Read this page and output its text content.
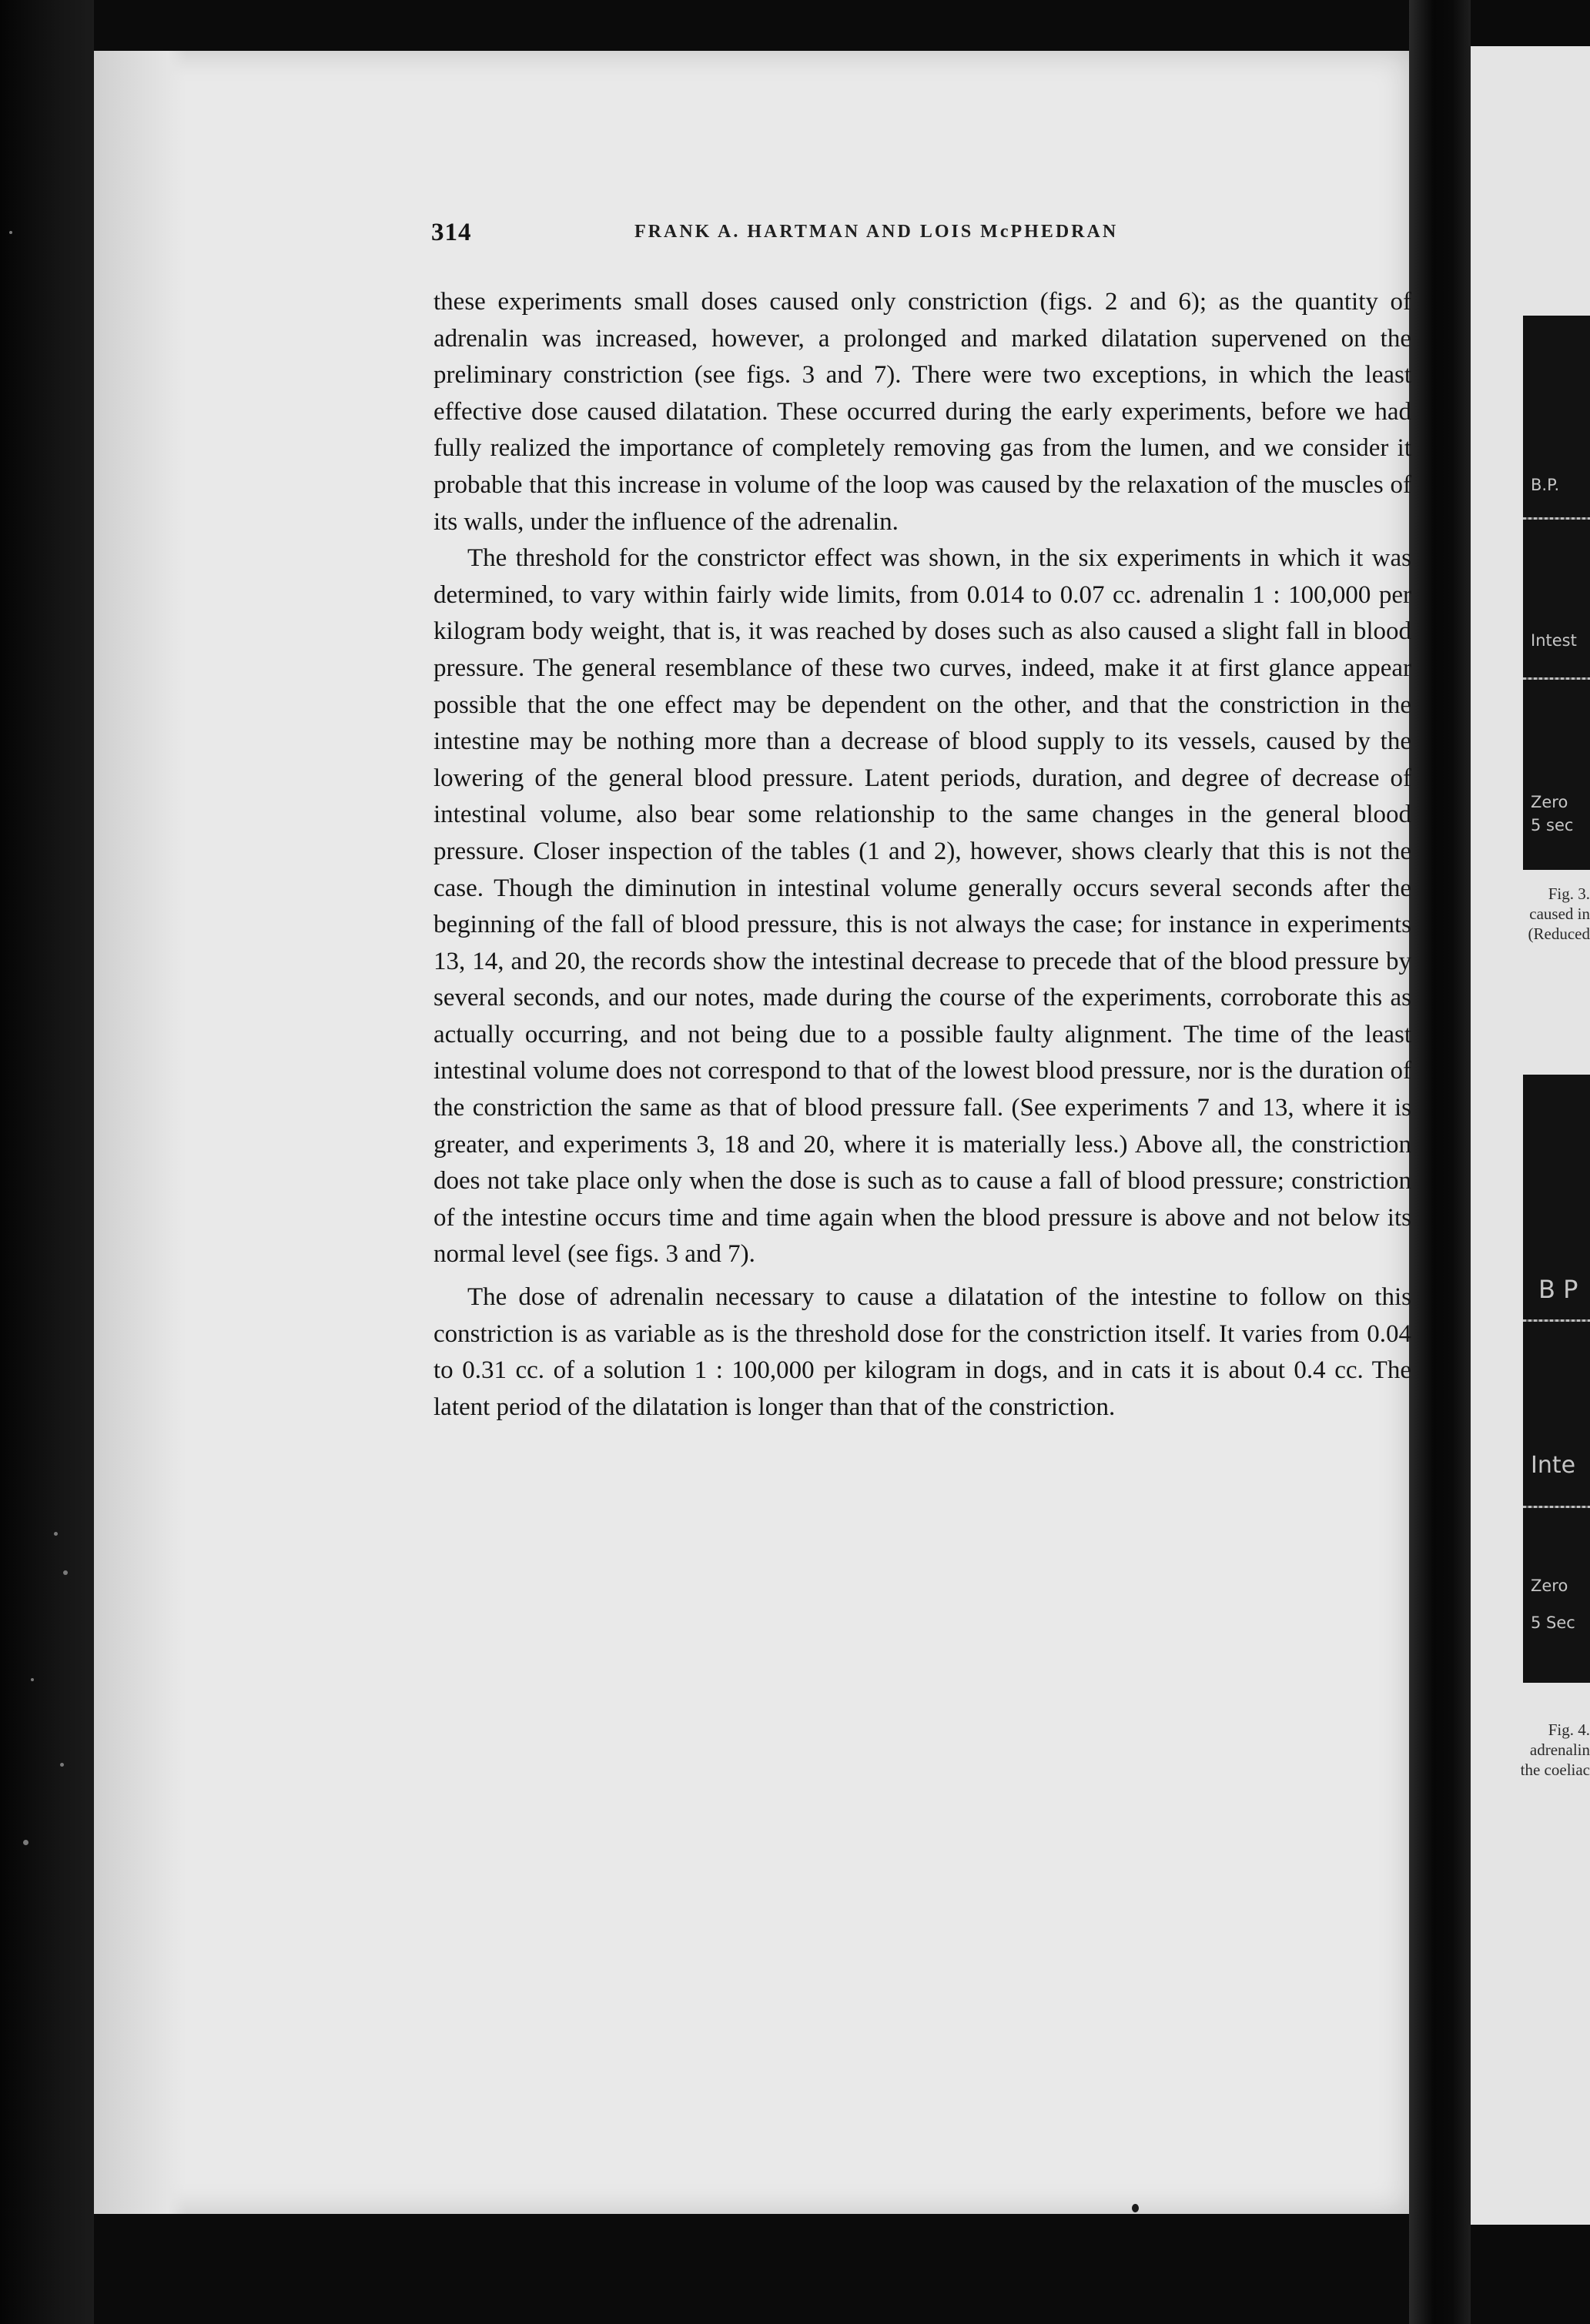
B.P.
Intest
Zero
5 sec
Fig. 3.
caused in
(Reduced
B P
Inte
Zero
5 Sec
Fig. 4.
adrenalin
the coeliac
314	FRANK A. HARTMAN AND LOIS McPHEDRAN

these experiments small doses caused only constriction (figs. 2 and 6); as the quantity of adrenalin was increased, however, a prolonged and marked dilatation supervened on the preliminary constriction (see figs. 3 and 7). There were two exceptions, in which the least effective dose caused dilatation. These occurred during the early experiments, before we had fully realized the importance of completely removing gas from the lumen, and we consider it probable that this increase in volume of the loop was caused by the relaxation of the muscles of its walls, under the influence of the adrenalin.

The threshold for the constrictor effect was shown, in the six experiments in which it was determined, to vary within fairly wide limits, from 0.014 to 0.07 cc. adrenalin 1 : 100,000 per kilogram body weight, that is, it was reached by doses such as also caused a slight fall in blood pressure. The general resemblance of these two curves, indeed, make it at first glance appear possible that the one effect may be dependent on the other, and that the constriction in the intestine may be nothing more than a decrease of blood supply to its vessels, caused by the lowering of the general blood pressure. Latent periods, duration, and degree of decrease of intestinal volume, also bear some relationship to the same changes in the general blood pressure. Closer inspection of the tables (1 and 2), however, shows clearly that this is not the case. Though the diminution in intestinal volume generally occurs several seconds after the beginning of the fall of blood pressure, this is not always the case; for instance in experiments 13, 14, and 20, the records show the intestinal decrease to precede that of the blood pressure by several seconds, and our notes, made during the course of the experiments, corroborate this as actually occurring, and not being due to a possible faulty alignment. The time of the least intestinal volume does not correspond to that of the lowest blood pressure, nor is the duration of the constriction the same as that of blood pressure fall. (See experiments 7 and 13, where it is greater, and experiments 3, 18 and 20, where it is materially less.) Above all, the constriction does not take place only when the dose is such as to cause a fall of blood pressure; constriction of the intestine occurs time and time again when the blood pressure is above and not below its normal level (see figs. 3 and 7).

The dose of adrenalin necessary to cause a dilatation of the intestine to follow on this constriction is as variable as is the threshold dose for the constriction itself. It varies from 0.04 to 0.31 cc. of a solution 1 : 100,000 per kilogram in dogs, and in cats it is about 0.4 cc. The latent period of the dilatation is longer than that of the constriction.
